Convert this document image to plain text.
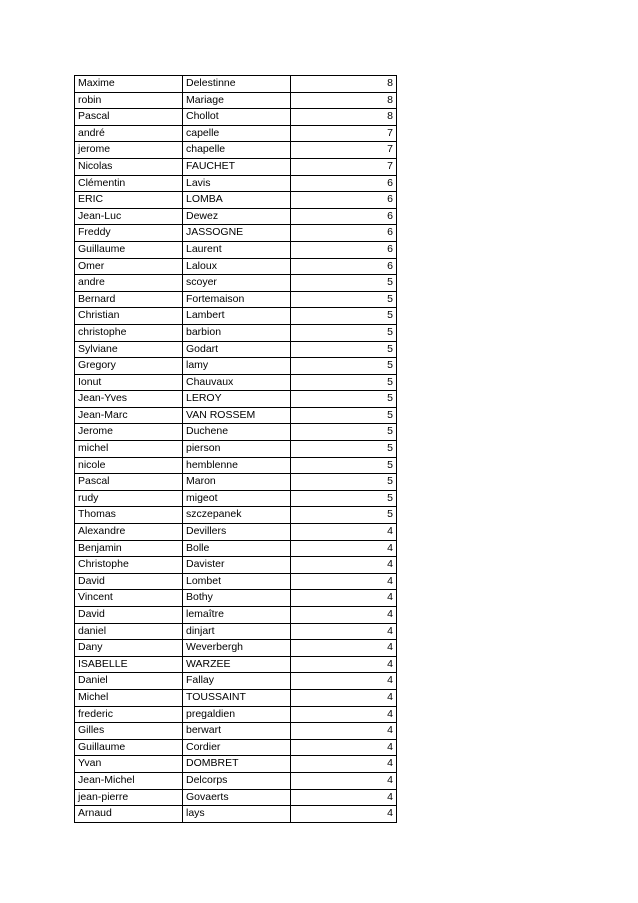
Maxime	Delestinne	8
robin	Mariage	8
Pascal	Chollot	8
andré	capelle	7
jerome	chapelle	7
Nicolas	FAUCHET	7
Clémentin	Lavis	6
ERIC	LOMBA	6
Jean-Luc	Dewez	6
Freddy	JASSOGNE	6
Guillaume	Laurent	6
Omer	Laloux	6
andre	scoyer	5
Bernard	Fortemaison	5
Christian	Lambert	5
christophe	barbion	5
Sylviane	Godart	5
Gregory	lamy	5
Ionut	Chauvaux	5
Jean-Yves	LEROY	5
Jean-Marc	VAN ROSSEM	5
Jerome	Duchene	5
michel	pierson	5
nicole	hemblenne	5
Pascal	Maron	5
rudy	migeot	5
Thomas	szczepanek	5
Alexandre	Devillers	4
Benjamin	Bolle	4
Christophe	Davister	4
David	Lombet	4
Vincent	Bothy	4
David	lemaître	4
daniel	dinjart	4
Dany	Weverbergh	4
ISABELLE	WARZEE	4
Daniel	Fallay	4
Michel	TOUSSAINT	4
frederic	pregaldien	4
Gilles	berwart	4
Guillaume	Cordier	4
Yvan	DOMBRET	4
Jean-Michel	Delcorps	4
jean-pierre	Govaerts	4
Arnaud	lays	4
